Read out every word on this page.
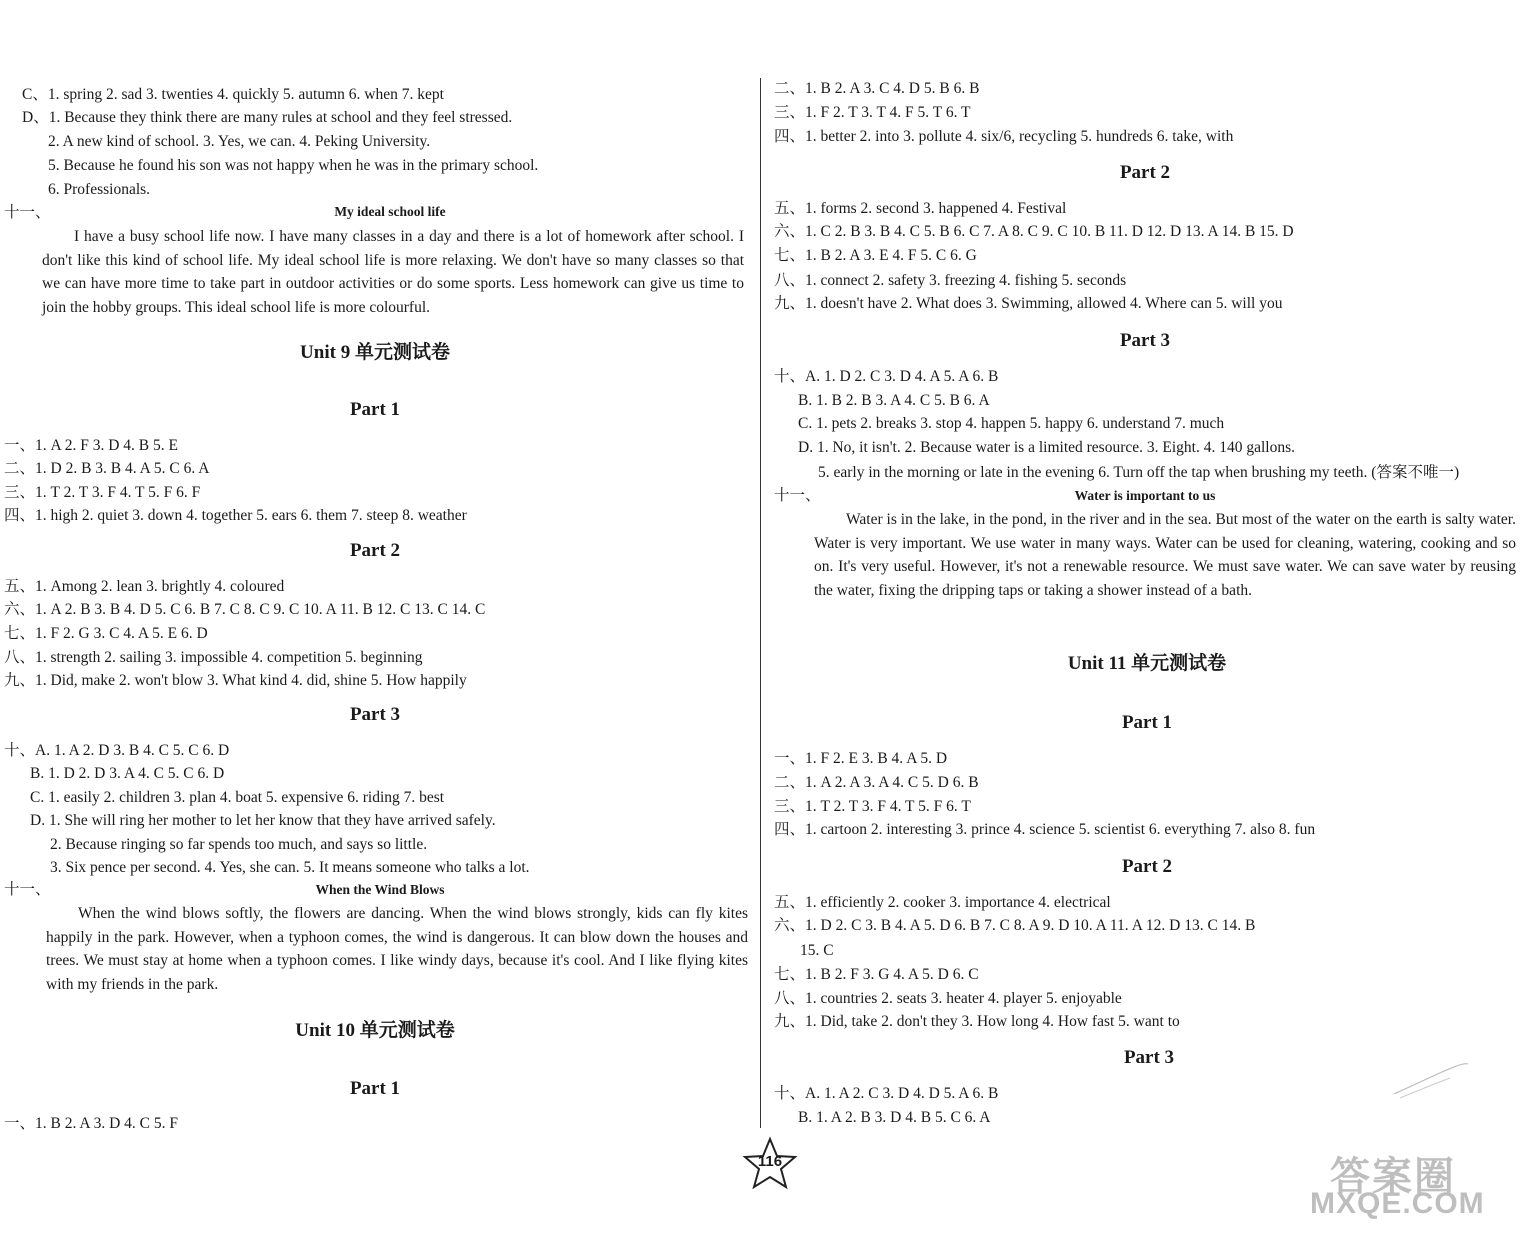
C、1. spring 2. sad 3. twenties 4. quickly 5. autumn 6. when 7. kept
D、1. Because they think there are many rules at school and they feel stressed.
2. A new kind of school. 3. Yes, we can. 4. Peking University.
5. Because he found his son was not happy when he was in the primary school.
6. Professionals.
十一、	My ideal school life
I have a busy school life now. I have many classes in a day and there is a lot of homework after school. I don't like this kind of school life. My ideal school life is more relaxing. We don't have so many classes so that we can have more time to take part in outdoor activities or do some sports. Less homework can give us time to join the hobby groups. This ideal school life is more colourful.
Unit 9 单元测试卷
Part 1
一、1. A 2. F 3. D 4. B 5. E
二、1. D 2. B 3. B 4. A 5. C 6. A
三、1. T 2. T 3. F 4. T 5. F 6. F
四、1. high 2. quiet 3. down 4. together 5. ears 6. them 7. steep 8. weather
Part 2
五、1. Among 2. lean 3. brightly 4. coloured
六、1. A 2. B 3. B 4. D 5. C 6. B 7. C 8. C 9. C 10. A 11. B 12. C 13. C 14. C
七、1. F 2. G 3. C 4. A 5. E 6. D
八、1. strength 2. sailing 3. impossible 4. competition 5. beginning
九、1. Did, make 2. won't blow 3. What kind 4. did, shine 5. How happily
Part 3
十、A. 1. A 2. D 3. B 4. C 5. C 6. D
B. 1. D 2. D 3. A 4. C 5. C 6. D
C. 1. easily 2. children 3. plan 4. boat 5. expensive 6. riding 7. best
D. 1. She will ring her mother to let her know that they have arrived safely.
2. Because ringing so far spends too much, and says so little.
3. Six pence per second. 4. Yes, she can. 5. It means someone who talks a lot.
十一、	When the Wind Blows
When the wind blows softly, the flowers are dancing. When the wind blows strongly, kids can fly kites happily in the park. However, when a typhoon comes, the wind is dangerous. It can blow down the houses and trees. We must stay at home when a typhoon comes. I like windy days, because it's cool. And I like flying kites with my friends in the park.
Unit 10 单元测试卷
Part 1
一、1. B 2. A 3. D 4. C 5. F
二、1. B 2. A 3. C 4. D 5. B 6. B
三、1. F 2. T 3. T 4. F 5. T 6. T
四、1. better 2. into 3. pollute 4. six/6, recycling 5. hundreds 6. take, with
Part 2
五、1. forms 2. second 3. happened 4. Festival
六、1. C 2. B 3. B 4. C 5. B 6. C 7. A 8. C 9. C 10. B 11. D 12. D 13. A 14. B 15. D
七、1. B 2. A 3. E 4. F 5. C 6. G
八、1. connect 2. safety 3. freezing 4. fishing 5. seconds
九、1. doesn't have 2. What does 3. Swimming, allowed 4. Where can 5. will you
Part 3
十、A. 1. D 2. C 3. D 4. A 5. A 6. B
B. 1. B 2. B 3. A 4. C 5. B 6. A
C. 1. pets 2. breaks 3. stop 4. happen 5. happy 6. understand 7. much
D. 1. No, it isn't. 2. Because water is a limited resource. 3. Eight. 4. 140 gallons.
5. early in the morning or late in the evening 6. Turn off the tap when brushing my teeth. (答案不唯一)
十一、	Water is important to us
Water is in the lake, in the pond, in the river and in the sea. But most of the water on the earth is salty water. Water is very important. We use water in many ways. Water can be used for cleaning, watering, cooking and so on. It's very useful. However, it's not a renewable resource. We must save water. We can save water by reusing the water, fixing the dripping taps or taking a shower instead of a bath.
Unit 11 单元测试卷
Part 1
一、1. F 2. E 3. B 4. A 5. D
二、1. A 2. A 3. A 4. C 5. D 6. B
三、1. T 2. T 3. F 4. T 5. F 6. T
四、1. cartoon 2. interesting 3. prince 4. science 5. scientist 6. everything 7. also 8. fun
Part 2
五、1. efficiently 2. cooker 3. importance 4. electrical
六、1. D 2. C 3. B 4. A 5. D 6. B 7. C 8. A 9. D 10. A 11. A 12. D 13. C 14. B
15. C
七、1. B 2. F 3. G 4. A 5. D 6. C
八、1. countries 2. seats 3. heater 4. player 5. enjoyable
九、1. Did, take 2. don't they 3. How long 4. How fast 5. want to
Part 3
十、A. 1. A 2. C 3. D 4. D 5. A 6. B
B. 1. A 2. B 3. D 4. B 5. C 6. A
116	答案圈
MXQE.COM
